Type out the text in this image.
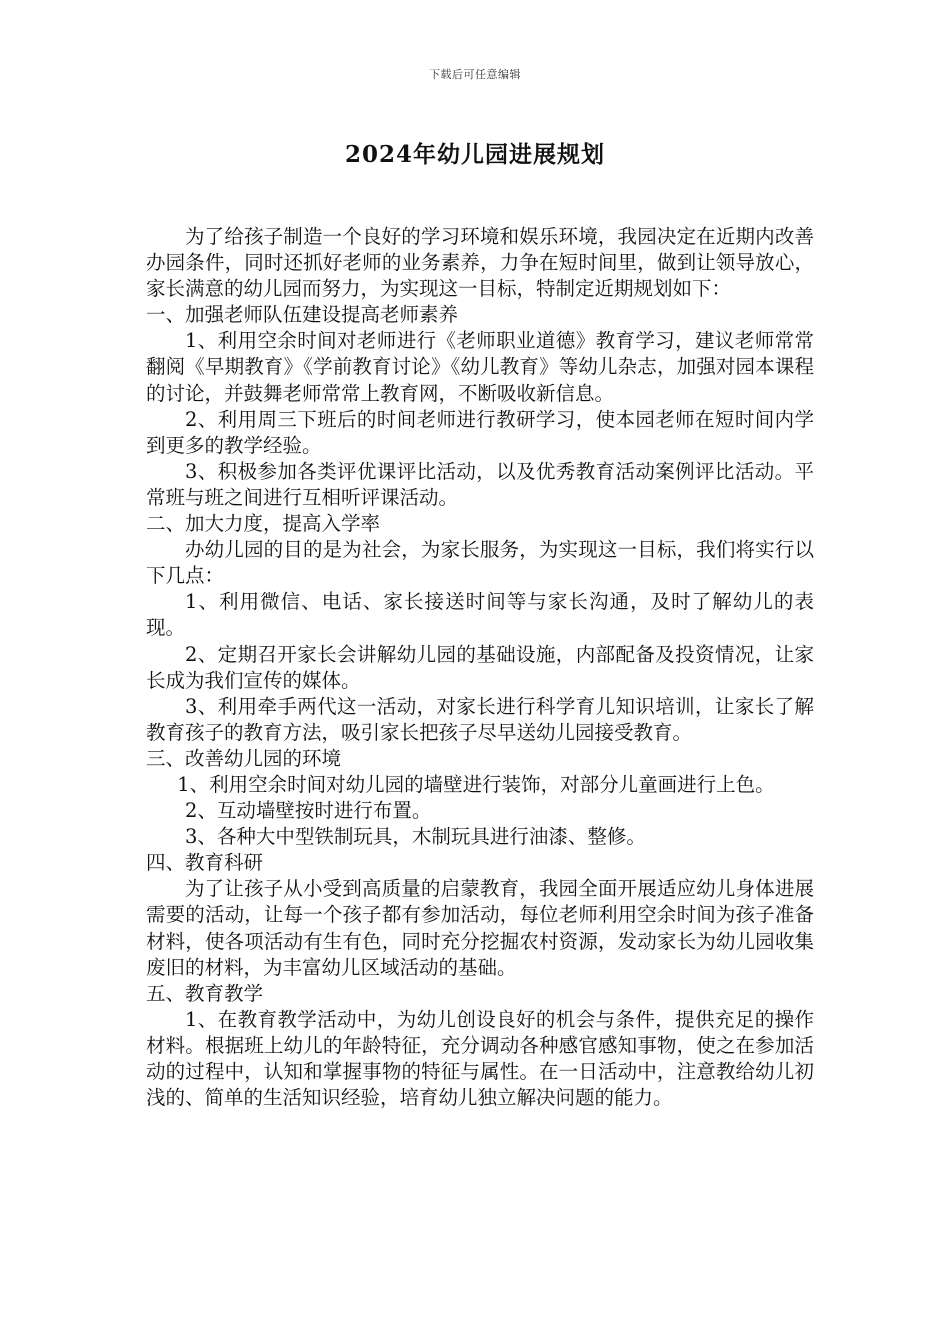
下载后可任意编辑
2024年幼儿园进展规划

为了给孩子制造一个良好的学习环境和娱乐环境，我园决定在近期内改善办园条件，同时还抓好老师的业务素养，力争在短时间里，做到让领导放心，家长满意的幼儿园而努力，为实现这一目标，特制定近期规划如下：

一、加强老师队伍建设提高老师素养

1、利用空余时间对老师进行《老师职业道德》教育学习，建议老师常常翻阅《早期教育》《学前教育讨论》《幼儿教育》等幼儿杂志，加强对园本课程的讨论，并鼓舞老师常常上教育网，不断吸收新信息。

2、利用周三下班后的时间老师进行教研学习，使本园老师在短时间内学到更多的教学经验。

3、积极参加各类评优课评比活动，以及优秀教育活动案例评比活动。平常班与班之间进行互相听评课活动。

二、加大力度，提高入学率

办幼儿园的目的是为社会，为家长服务，为实现这一目标，我们将实行以下几点：

1、利用微信、电话、家长接送时间等与家长沟通，及时了解幼儿的表现。

2、定期召开家长会讲解幼儿园的基础设施，内部配备及投资情况，让家长成为我们宣传的媒体。

3、利用牵手两代这一活动，对家长进行科学育儿知识培训，让家长了解教育孩子的教育方法，吸引家长把孩子尽早送幼儿园接受教育。

三、改善幼儿园的环境

1、利用空余时间对幼儿园的墙壁进行装饰，对部分儿童画进行上色。

2、互动墙壁按时进行布置。

3、各种大中型铁制玩具，木制玩具进行油漆、整修。

四、教育科研

为了让孩子从小受到高质量的启蒙教育，我园全面开展适应幼儿身体进展需要的活动，让每一个孩子都有参加活动，每位老师利用空余时间为孩子准备材料，使各项活动有生有色，同时充分挖掘农村资源，发动家长为幼儿园收集废旧的材料，为丰富幼儿区域活动的基础。

五、教育教学

1、在教育教学活动中，为幼儿创设良好的机会与条件，提供充足的操作材料。根据班上幼儿的年龄特征，充分调动各种感官感知事物，使之在参加活动的过程中，认知和掌握事物的特征与属性。在一日活动中，注意教给幼儿初浅的、简单的生活知识经验，培育幼儿独立解决问题的能力。
